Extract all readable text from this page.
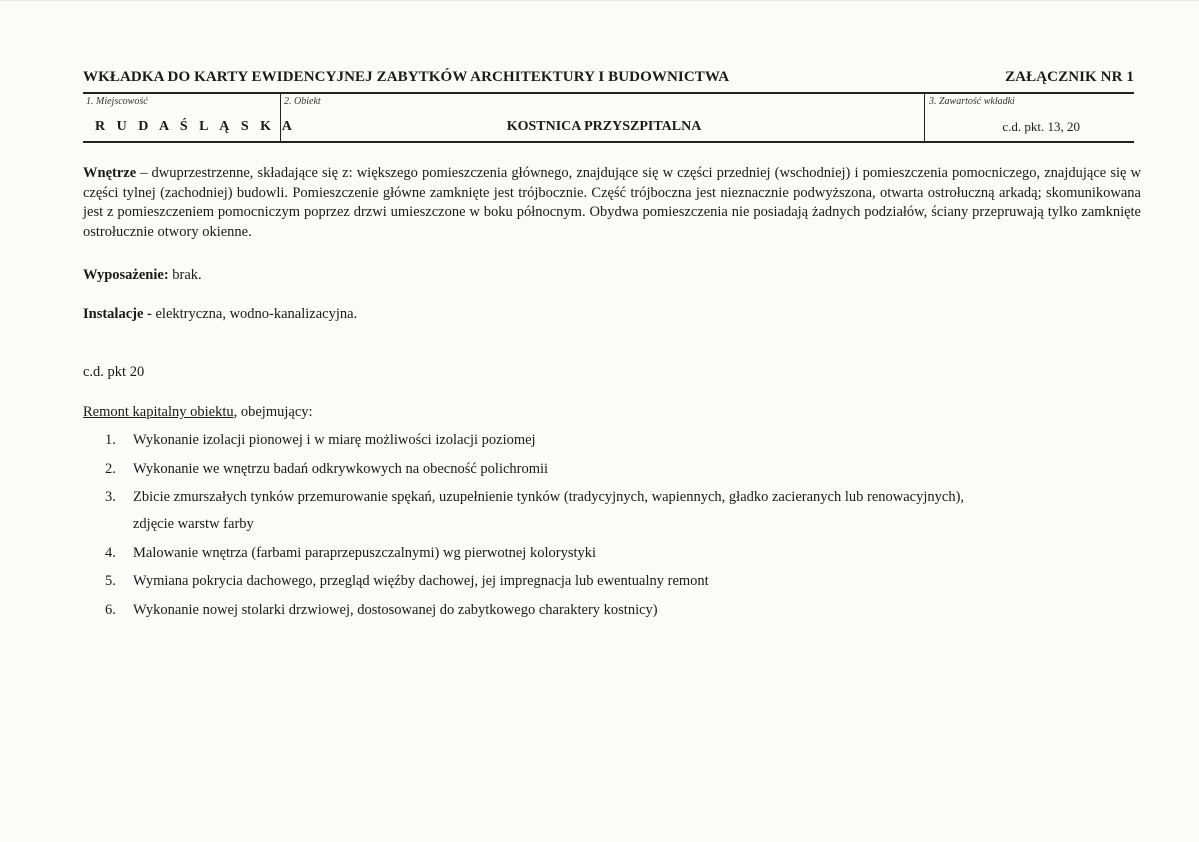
WKŁADKA DO KARTY EWIDENCYJNEJ ZABYTKÓW ARCHITEKTURY I BUDOWNICTWA	ZAŁĄCZNIK NR 1
1. Miejscowość	2. Obiekt	3. Zawartość wkładki
R U D A Ś L Ą S K A	KOSTNICA PRZYSZPITALNA	c.d. pkt. 13, 20

Wnętrze – dwuprzestrzenne, składające się z: większego pomieszczenia głównego, znajdujące się w części przedniej (wschodniej) i pomieszczenia pomocniczego, znajdujące się w części tylnej (zachodniej) budowli. Pomieszczenie główne zamknięte jest trójbocznie. Część trójboczna jest nieznacznie podwyższona, otwarta ostrołuczną arkadą; skomunikowana jest z pomieszczeniem pomocniczym poprzez drzwi umieszczone w boku północnym. Obydwa pomieszczenia nie posiadają żadnych podziałów, ściany przepruwają tylko zamknięte ostrołucznie otwory okienne.

Wyposażenie: brak.
Instalacje - elektryczna, wodno-kanalizacyjna.
c.d. pkt 20
Remont kapitalny obiektu, obejmujący:
1.	Wykonanie izolacji pionowej i w miarę możliwości izolacji poziomej
2.	Wykonanie we wnętrzu badań odkrywkowych na obecność polichromii
3.	Zbicie zmurszałych tynków przemurowanie spękań, uzupełnienie tynków (tradycyjnych, wapiennych, gładko zacieranych lub renowacyjnych),
zdjęcie warstw farby
4.	Malowanie wnętrza (farbami paraprzepuszczalnymi) wg pierwotnej kolorystyki
5.	Wymiana pokrycia dachowego, przegląd więźby dachowej, jej impregnacja lub ewentualny remont
6.	Wykonanie nowej stolarki drzwiowej, dostosowanej do zabytkowego charaktery kostnicy)
